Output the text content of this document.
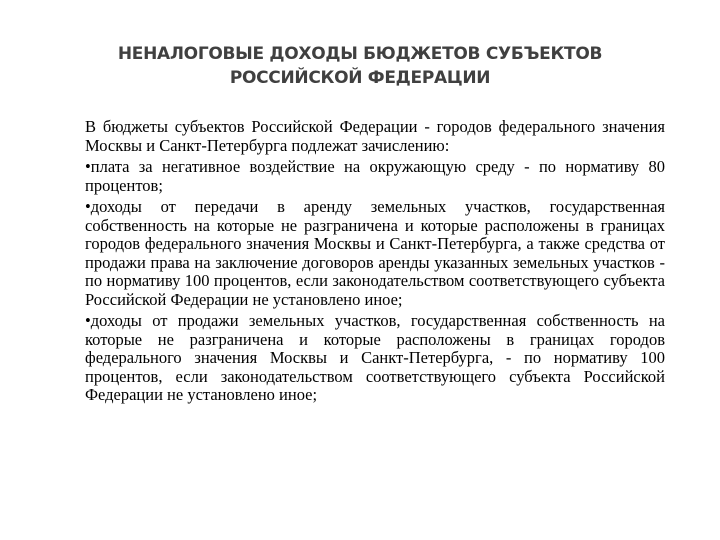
НЕНАЛОГОВЫЕ ДОХОДЫ БЮДЖЕТОВ СУБЪЕКТОВ
РОССИЙСКОЙ ФЕДЕРАЦИИ

В бюджеты субъектов Российской Федерации - городов федерального значения Москвы и Санкт-Петербурга подлежат зачислению:

•плата за негативное воздействие на окружающую среду - по нормативу 80 процентов;

•доходы от передачи в аренду земельных участков, государственная собственность на которые не разграничена и которые расположены в границах городов федерального значения Москвы и Санкт-Петербурга, а также средства от продажи права на заключение договоров аренды указанных земельных участков - по нормативу 100 процентов, если законодательством соответствующего субъекта Российской Федерации не установлено иное;

•доходы от продажи земельных участков, государственная собственность на которые не разграничена и которые расположены в границах городов федерального значения Москвы и Санкт-Петербурга, - по нормативу 100 процентов, если законодательством соответствующего субъекта Российской Федерации не установлено иное;
